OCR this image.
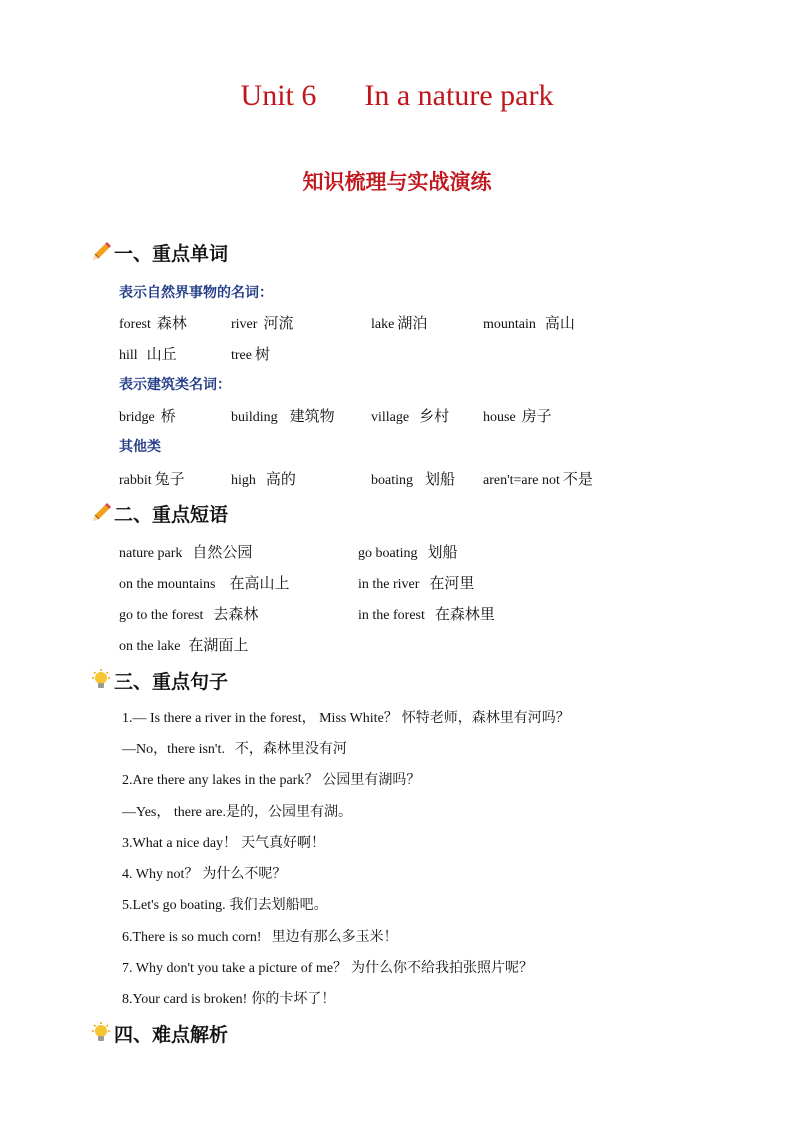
Unit 6 In a nature park
知识梳理与实战演练
一、重点单词
表示自然界事物的名词：
forest 森林	river 河流	lake 湖泊	mountain 高山
hill 山丘	tree 树
表示建筑类名词：
bridge 桥	building 建筑物	village 乡村 house 房子
其他类
rabbit 兔子	high 高的	boating 划船 aren't=are not 不是
二、重点短语
nature park 自然公园	go boating 划船
on the mountains 在高山上	in the river 在河里
go to the forest 去森林	in the forest 在森林里
on the lake 在湖面上
三、重点句子
1.— Is there a river in the forest， Miss White？ 怀特老师，森林里有河吗？
—No，there isn't. 不，森林里没有河
2.Are there any lakes in the park？ 公园里有湖吗？
—Yes， there are.是的，公园里有湖。
3.What a nice day！ 天气真好啊！
4. Why not？ 为什么不呢？
5.Let's go boating. 我们去划船吧。
6.There is so much corn! 里边有那么多玉米！
7. Why don't you take a picture of me？ 为什么你不给我拍张照片呢？
8.Your card is broken! 你的卡坏了！
四、难点解析
